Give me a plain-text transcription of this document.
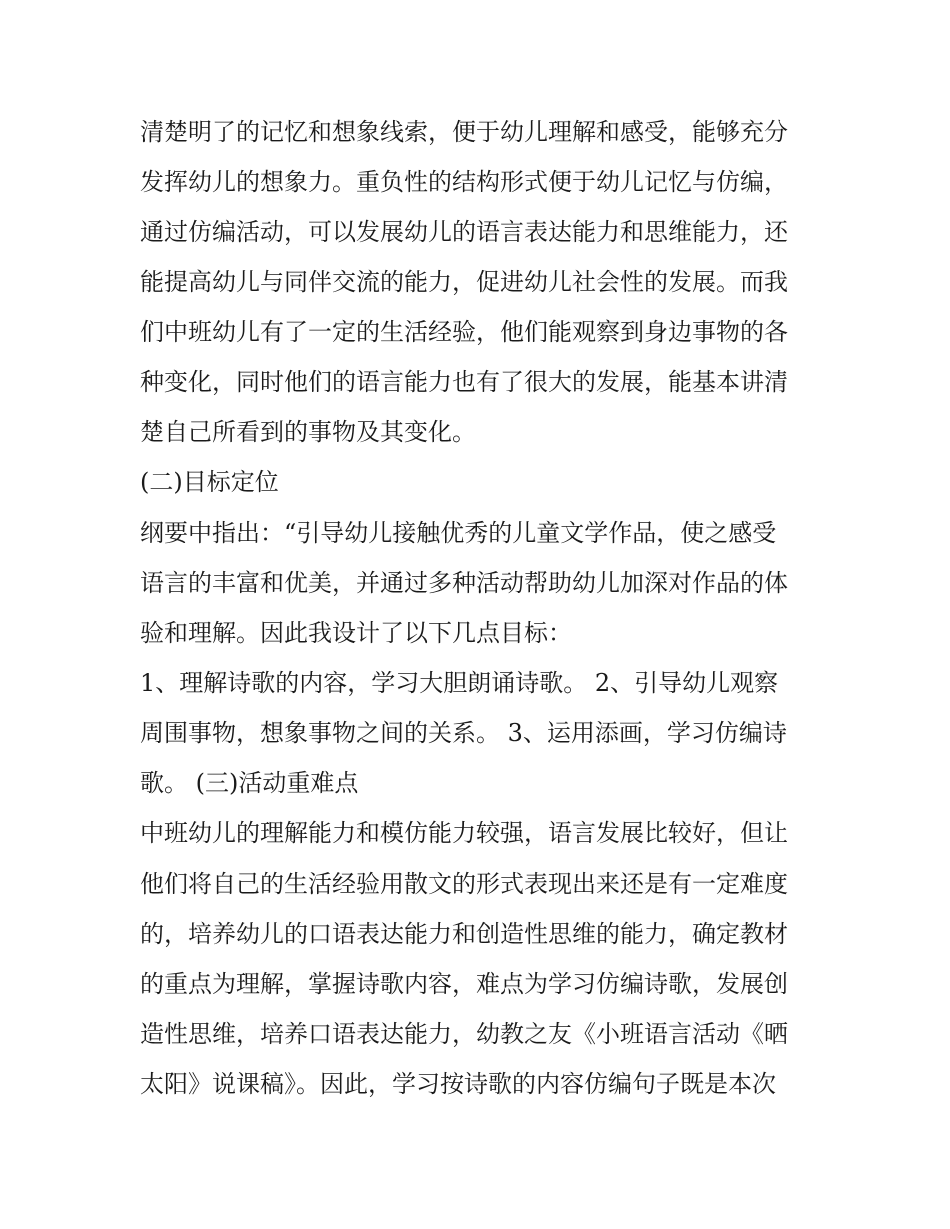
清楚明了的记忆和想象线索，便于幼儿理解和感受，能够充分
发挥幼儿的想象力。重负性的结构形式便于幼儿记忆与仿编，
通过仿编活动，可以发展幼儿的语言表达能力和思维能力，还
能提高幼儿与同伴交流的能力，促进幼儿社会性的发展。而我
们中班幼儿有了一定的生活经验，他们能观察到身边事物的各
种变化，同时他们的语言能力也有了很大的发展，能基本讲清
楚自己所看到的事物及其变化。
(二)目标定位
纲要中指出：“引导幼儿接触优秀的儿童文学作品，使之感受
语言的丰富和优美，并通过多种活动帮助幼儿加深对作品的体
验和理解。因此我设计了以下几点目标：
1、理解诗歌的内容，学习大胆朗诵诗歌。 2、引导幼儿观察
周围事物，想象事物之间的关系。 3、运用添画，学习仿编诗
歌。 (三)活动重难点
中班幼儿的理解能力和模仿能力较强，语言发展比较好，但让
他们将自己的生活经验用散文的形式表现出来还是有一定难度
的，培养幼儿的口语表达能力和创造性思维的能力，确定教材
的重点为理解，掌握诗歌内容，难点为学习仿编诗歌，发展创
造性思维，培养口语表达能力，幼教之友《小班语言活动《晒
太阳》说课稿》。因此，学习按诗歌的内容仿编句子既是本次
